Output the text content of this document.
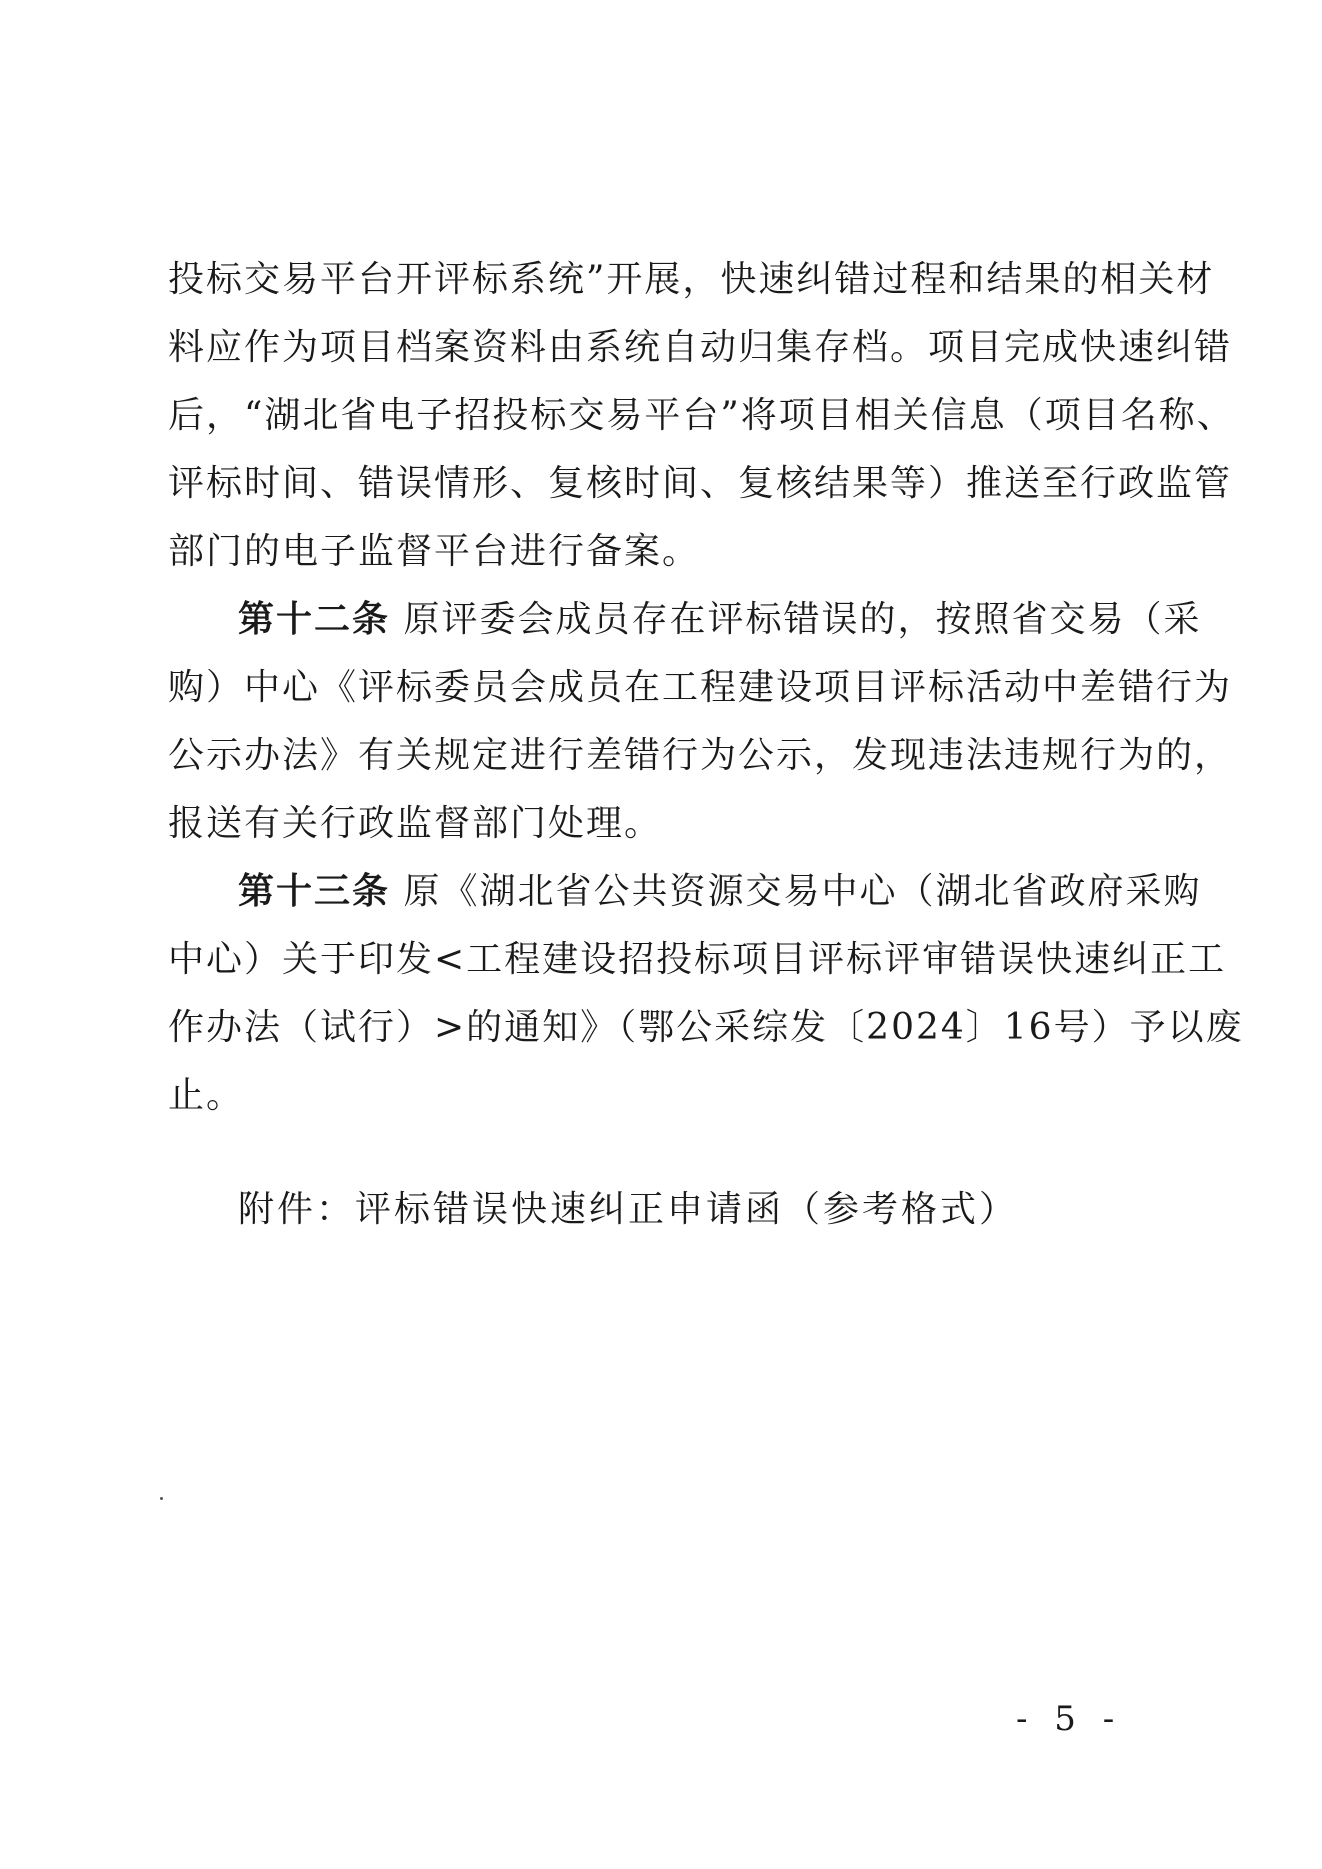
投标交易平台开评标系统”开展，快速纠错过程和结果的相关材
料应作为项目档案资料由系统自动归集存档。项目完成快速纠错
后，“湖北省电子招投标交易平台”将项目相关信息（项目名称、
评标时间、错误情形、复核时间、复核结果等）推送至行政监管
部门的电子监督平台进行备案。
第十二条 原评委会成员存在评标错误的，按照省交易（采
购）中心《评标委员会成员在工程建设项目评标活动中差错行为
公示办法》有关规定进行差错行为公示，发现违法违规行为的，
报送有关行政监督部门处理。
第十三条 原《湖北省公共资源交易中心（湖北省政府采购
中心）关于印发<工程建设招投标项目评标评审错误快速纠正工
作办法（试行）>的通知》（鄂公采综发〔2024〕16号）予以废
止。
附件：评标错误快速纠正申请函（参考格式）
- 5 -
